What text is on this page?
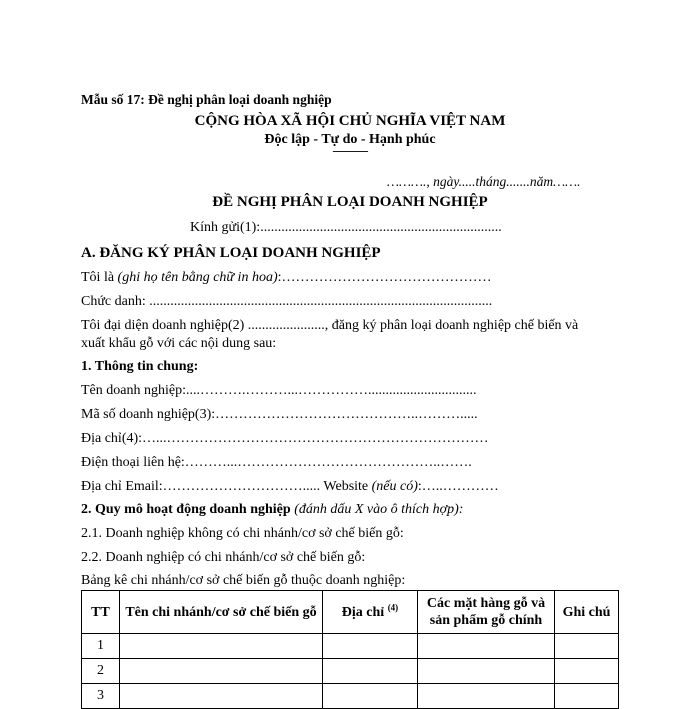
Mẫu số 17: Đề nghị phân loại doanh nghiệp
CỘNG HÒA XÃ HỘI CHỦ NGHĨA VIỆT NAM
Độc lập - Tự do - Hạnh phúc
---------------
………., ngày.....tháng.......năm…….
ĐỀ NGHỊ PHÂN LOẠI DOANH NGHIỆP
Kính gửi(1):.....................................................................
A. ĐĂNG KÝ PHÂN LOẠI DOANH NGHIỆP
Tôi là (ghi họ tên bằng chữ in hoa):………………………………………
Chức danh: ..................................................................................................
Tôi đại diện doanh nghiệp(2) ......................, đăng ký phân loại doanh nghiệp chế biến và
xuất khẩu gỗ với các nội dung sau:
1. Thông tin chung:
Tên doanh nghiệp:....……….………...……………...............................
Mã số doanh nghiệp(3):……………………………………..……….....
Địa chỉ(4):…...……………………………………………………………
Điện thoại liên hệ:………...……………………………………..…….
Địa chỉ Email:…………………………..... Website (nếu có):…..…………
2. Quy mô hoạt động doanh nghiệp (đánh dấu X vào ô thích hợp):
2.1. Doanh nghiệp không có chi nhánh/cơ sở chế biến gỗ:
2.2. Doanh nghiệp có chi nhánh/cơ sở chế biến gỗ:
Bảng kê chi nhánh/cơ sở chế biến gỗ thuộc doanh nghiệp:
TT	Tên chi nhánh/cơ sở chế biến gỗ	Địa chỉ $^{(4)}$	Các mặt hàng gỗ và sản phẩm gỗ chính	Ghi chú
1				
2				
3				
